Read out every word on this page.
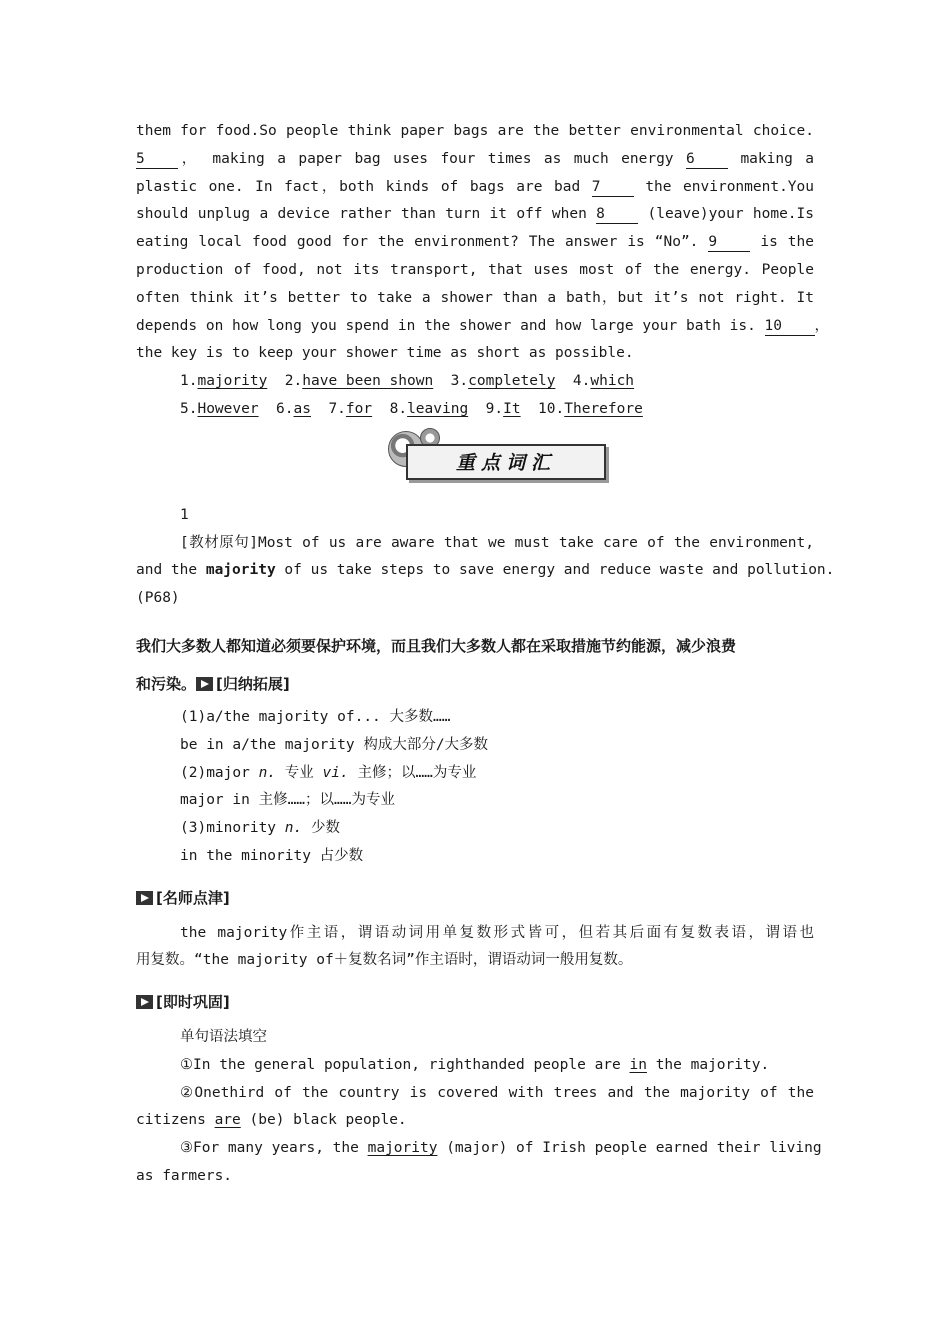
them for food.So people think paper bags are the better environmental choice.
5 ， making a paper bag uses four times as much energy 6	making a
plastic one. In fact，both kinds of bags are bad 7	the environment.You
should unplug a device rather than turn it off when 8	(leave)your home.Is
eating local food good for the environment? The answer is “No”. 9	is the
production of food, not its transport, that uses most of the energy. People
often think it’s better to take a shower than a bath，but it’s not right. It
depends on how long you spend in the shower and how large your bath is. 10 ，
the key is to keep your shower time as short as possible.
1.majority 2.have been shown 3.completely 4.which
5.However 6.as 7.for 8.leaving 9.It 10.Therefore
重点词汇
1
[教材原句]Most of us are aware that we must take care of the environment,
and the majority of us take steps to save energy and reduce waste and pollution.
(P68)
我们大多数人都知道必须要保护环境，而且我们大多数人都在采取措施节约能源，减少浪费
和污染。 [归纳拓展]
(1)a/the majority of... 大多数……
be in a/the majority 构成大部分/大多数
(2)major n. 专业 vi. 主修；以……为专业
major in 主修……；以……为专业
(3)minority n. 少数
in the minority 占少数
[名师点津]
the majority作主语，谓语动词用单复数形式皆可，但若其后面有复数表语，谓语也
用复数。“the majority of＋复数名词”作主语时，谓语动词一般用复数。
[即时巩固]
单句语法填空
①In the general population, righthanded people are in the majority.
②Onethird of the country is covered with trees and the majority of the
citizens are (be) black people.
③For many years, the majority (major) of Irish people earned their living
as farmers.
